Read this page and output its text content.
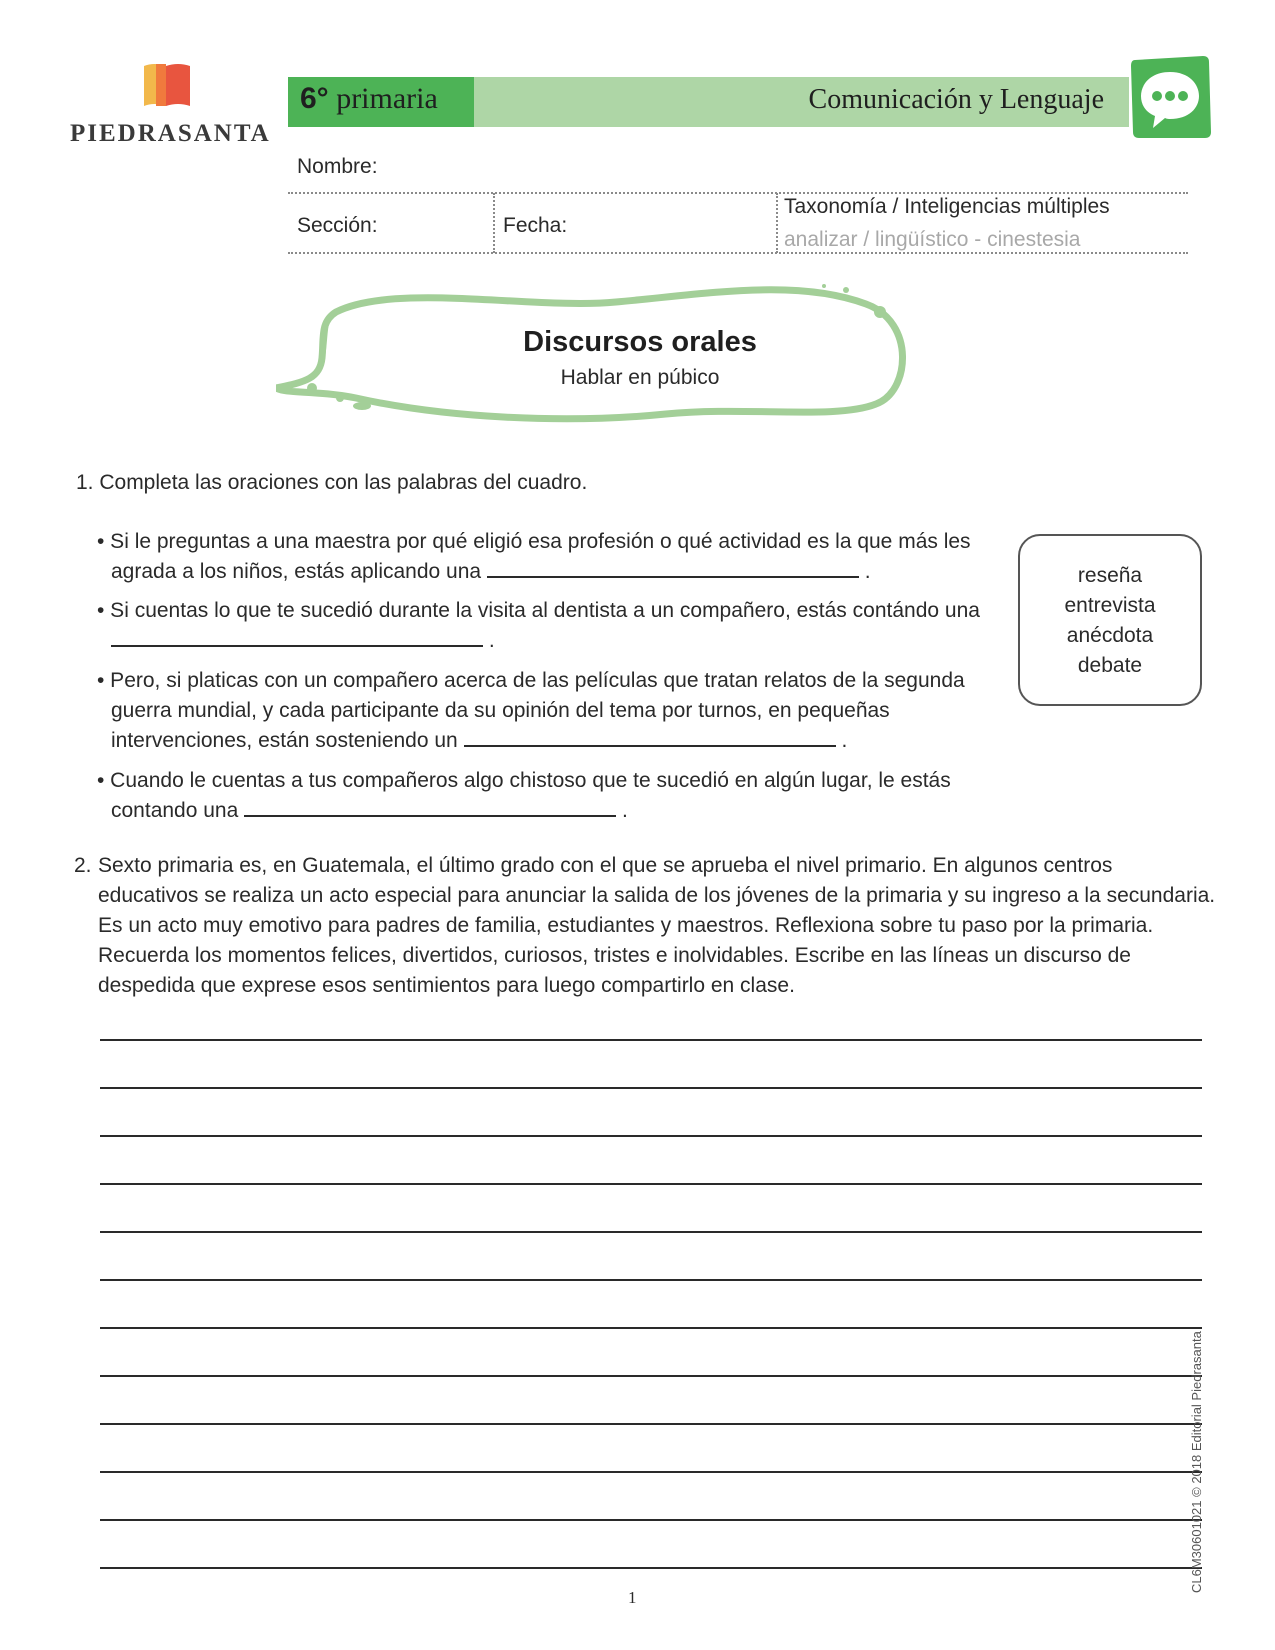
PIEDRASANTA
6° primaria	Comunicación y Lenguaje
Nombre:
Sección:	Fecha:
Taxonomía / Inteligencias múltiples
analizar / lingüístico - cinestesia
Discursos orales
Hablar en púbico
1. Completa las oraciones con las palabras del cuadro.
• Si le preguntas a una maestra por qué eligió esa profesión o qué actividad es la que más les
agrada a los niños, estás aplicando una	.
• Si cuentas lo que te sucedió durante la visita al dentista a un compañero, estás contándo una
.
• Pero, si platicas con un compañero acerca de las películas que tratan relatos de la segunda
guerra mundial, y cada participante da su opinión del tema por turnos, en pequeñas
intervenciones, están sosteniendo un	.
• Cuando le cuentas a tus compañeros algo chistoso que te sucedió en algún lugar, le estás
contando una	.
reseña
entrevista
anécdota
debate
2. Sexto primaria es, en Guatemala, el último grado con el que se aprueba el nivel primario. En algunos centros
educativos se realiza un acto especial para anunciar la salida de los jóvenes de la primaria y su ingreso a la secundaria.
Es un acto muy emotivo para padres de familia, estudiantes y maestros. Reflexiona sobre tu paso por la primaria.
Recuerda los momentos felices, divertidos, curiosos, tristes e inolvidables. Escribe en las líneas un discurso de
despedida que exprese esos sentimientos para luego compartirlo en clase.
CL6M30601021 © 2018 Editorial Piedrasanta
1
